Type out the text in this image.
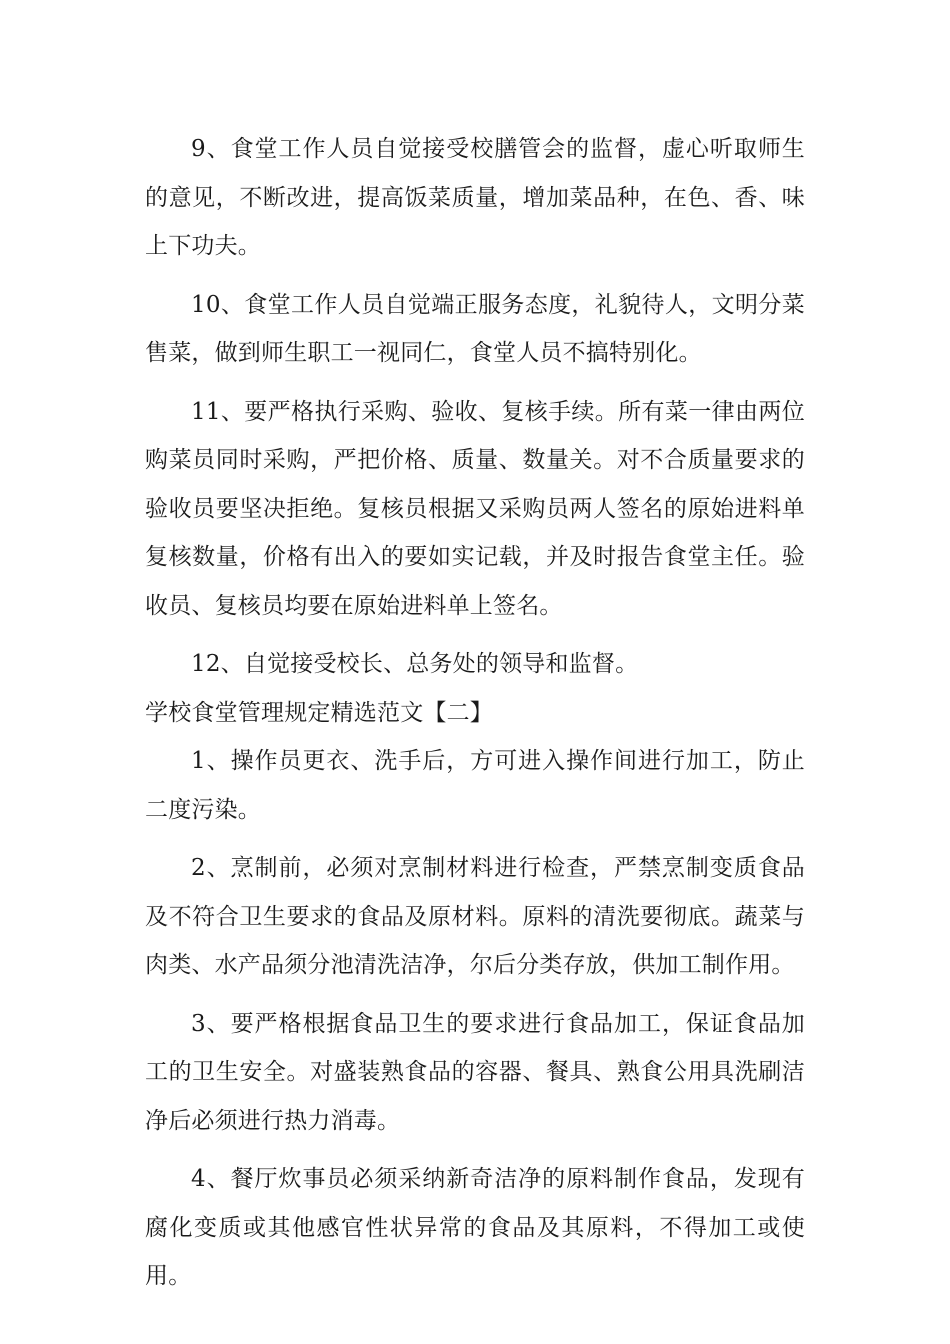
9、食堂工作人员自觉接受校膳管会的监督，虚心听取师生的意见，不断改进，提高饭菜质量，增加菜品种，在色、香、味上下功夫。

10、食堂工作人员自觉端正服务态度，礼貌待人，文明分菜售菜，做到师生职工一视同仁，食堂人员不搞特别化。

11、要严格执行采购、验收、复核手续。所有菜一律由两位购菜员同时采购，严把价格、质量、数量关。对不合质量要求的验收员要坚决拒绝。复核员根据又采购员两人签名的原始进料单复核数量，价格有出入的要如实记载，并及时报告食堂主任。验收员、复核员均要在原始进料单上签名。

12、自觉接受校长、总务处的领导和监督。

学校食堂管理规定精选范文【二】

1、操作员更衣、洗手后，方可进入操作间进行加工，防止二度污染。

2、烹制前，必须对烹制材料进行检查，严禁烹制变质食品及不符合卫生要求的食品及原材料。原料的清洗要彻底。蔬菜与肉类、水产品须分池清洗洁净，尔后分类存放，供加工制作用。

3、要严格根据食品卫生的要求进行食品加工，保证食品加工的卫生安全。对盛装熟食品的容器、餐具、熟食公用具洗刷洁净后必须进行热力消毒。

4、餐厅炊事员必须采纳新奇洁净的原料制作食品，发现有腐化变质或其他感官性状异常的食品及其原料，不得加工或使用。
